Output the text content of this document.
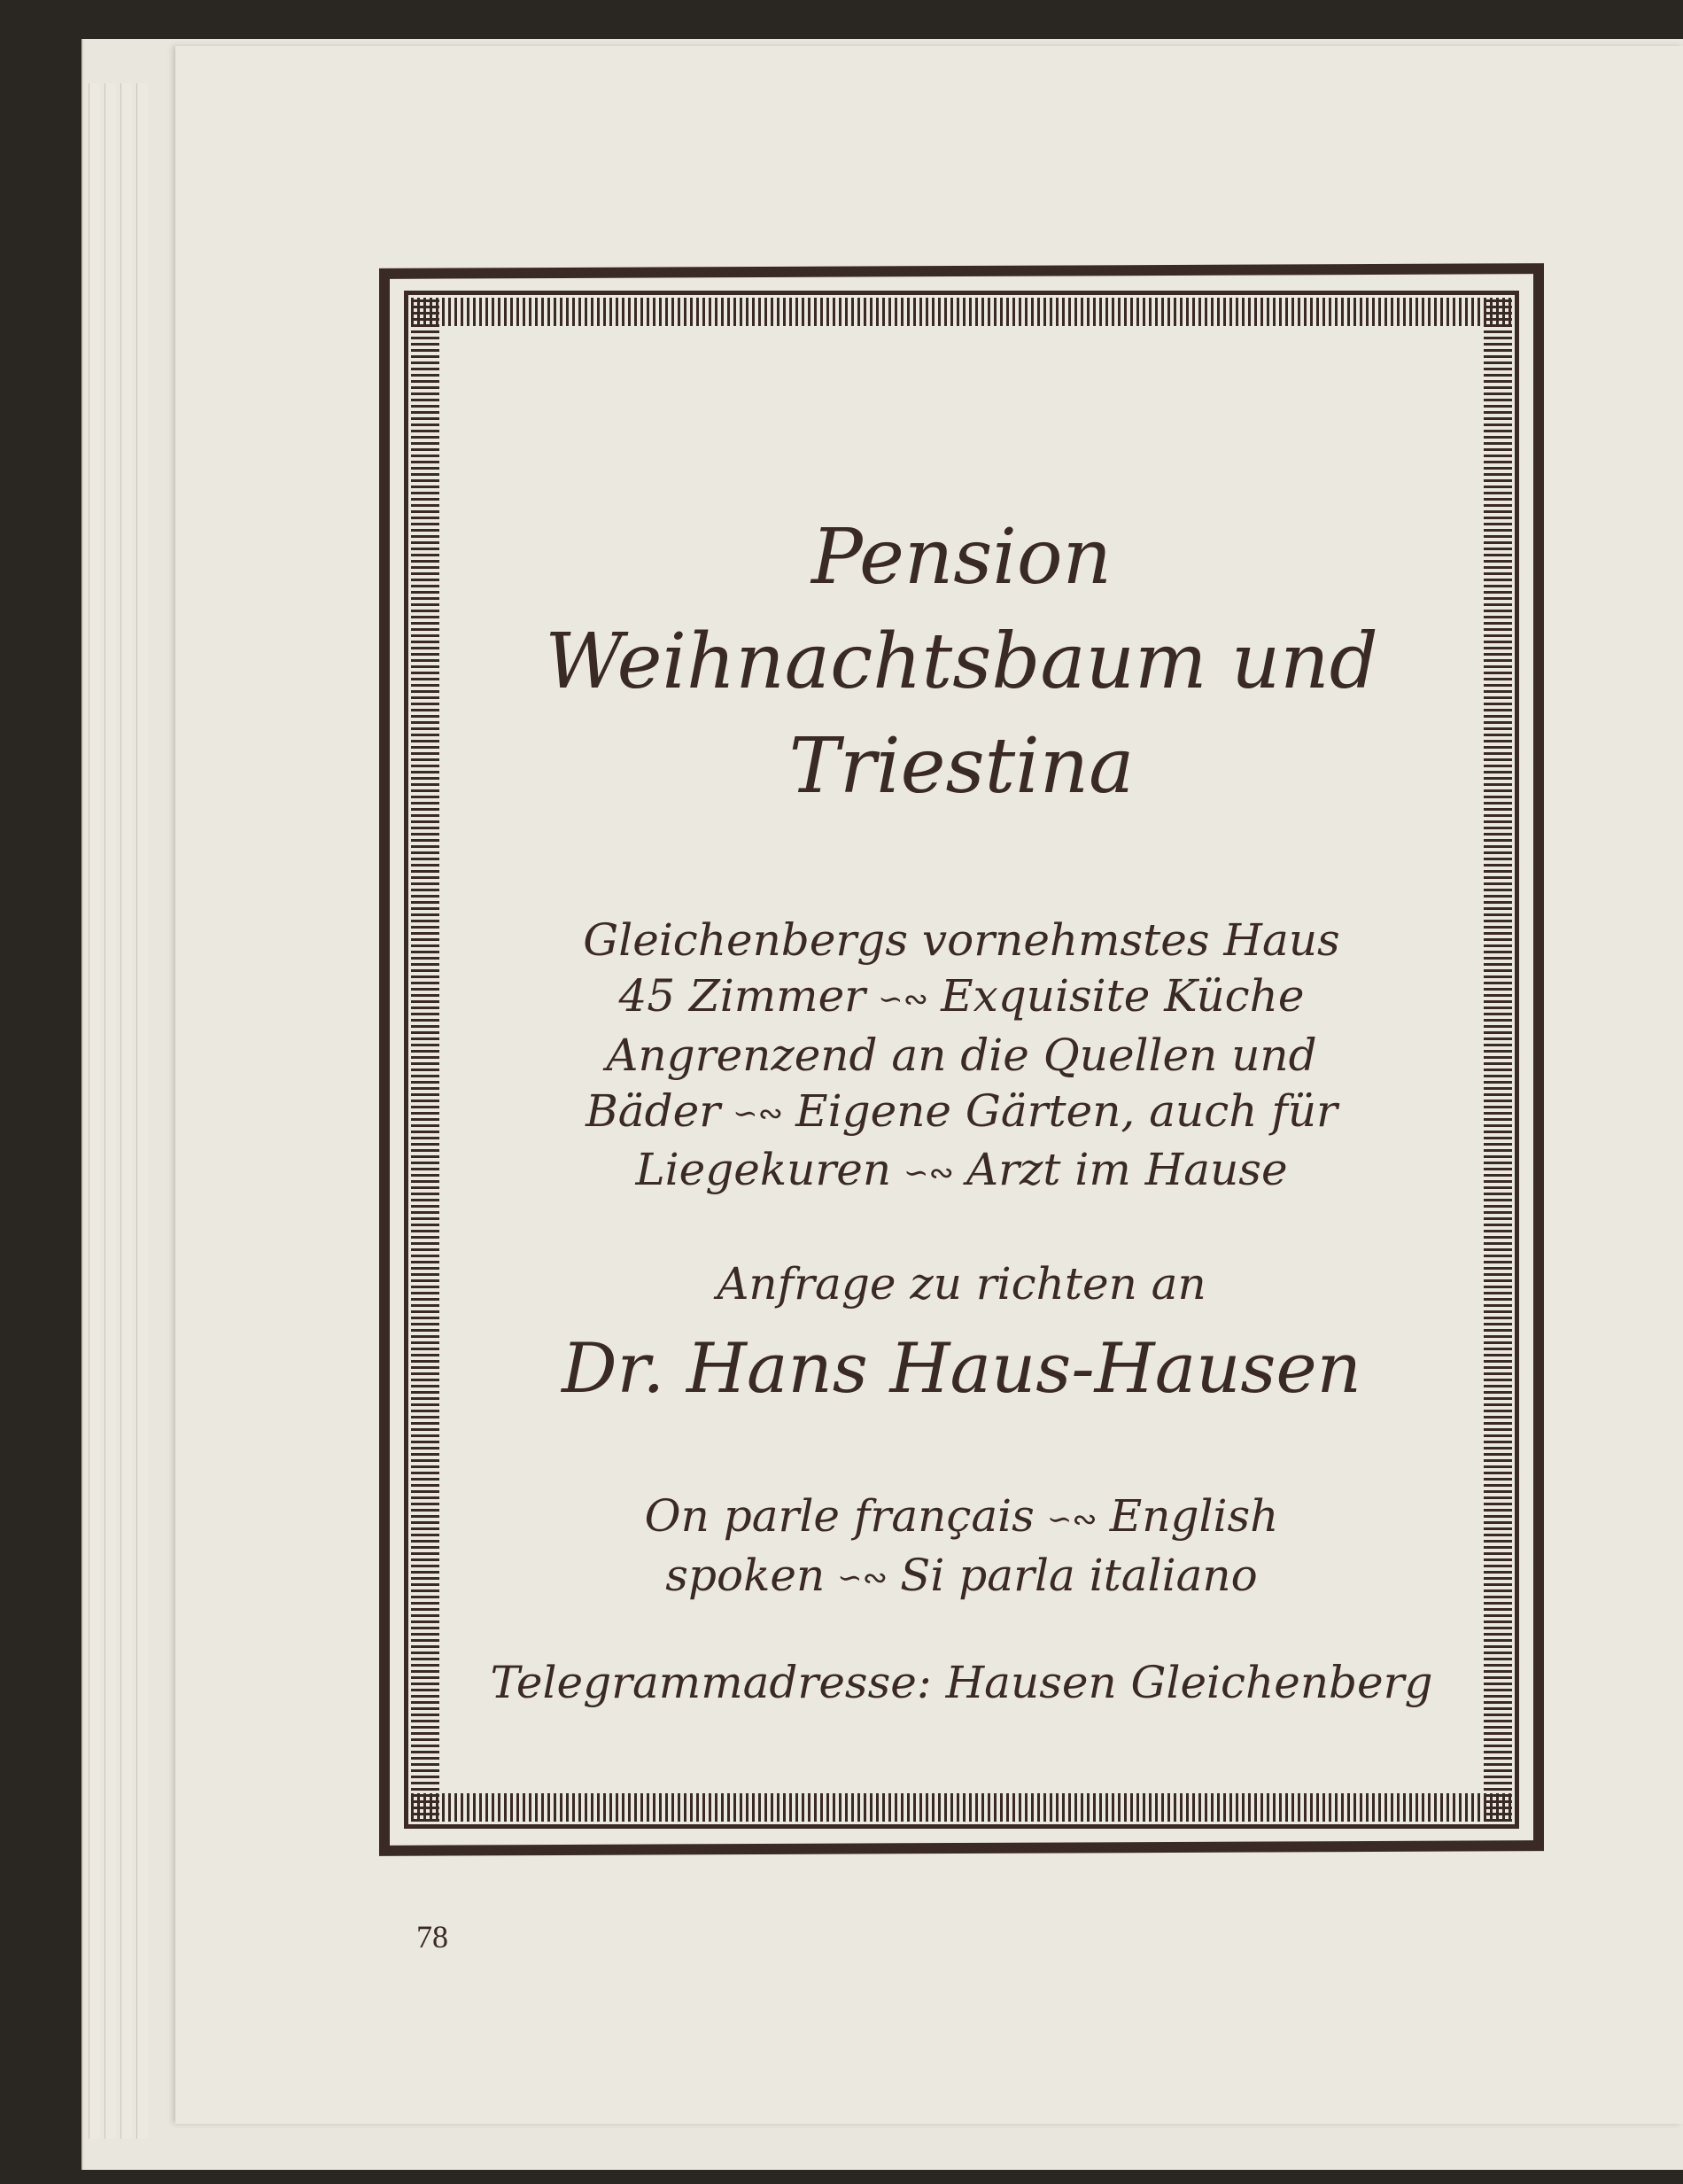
Pension

Weihnachtsbaum und

Triestina

Gleichenbergs vornehmstes Haus

45 Zimmer ∽∾ Exquisite Küche

Angrenzend an die Quellen und

Bäder ∽∾ Eigene Gärten, auch für

Liegekuren ∽∾ Arzt im Hause

Anfrage zu richten an
Dr. Hans Haus-Hausen

On parle français ∽∾ English

spoken ∽∾ Si parla italiano

Telegrammadresse: Hausen Gleichenberg
78
